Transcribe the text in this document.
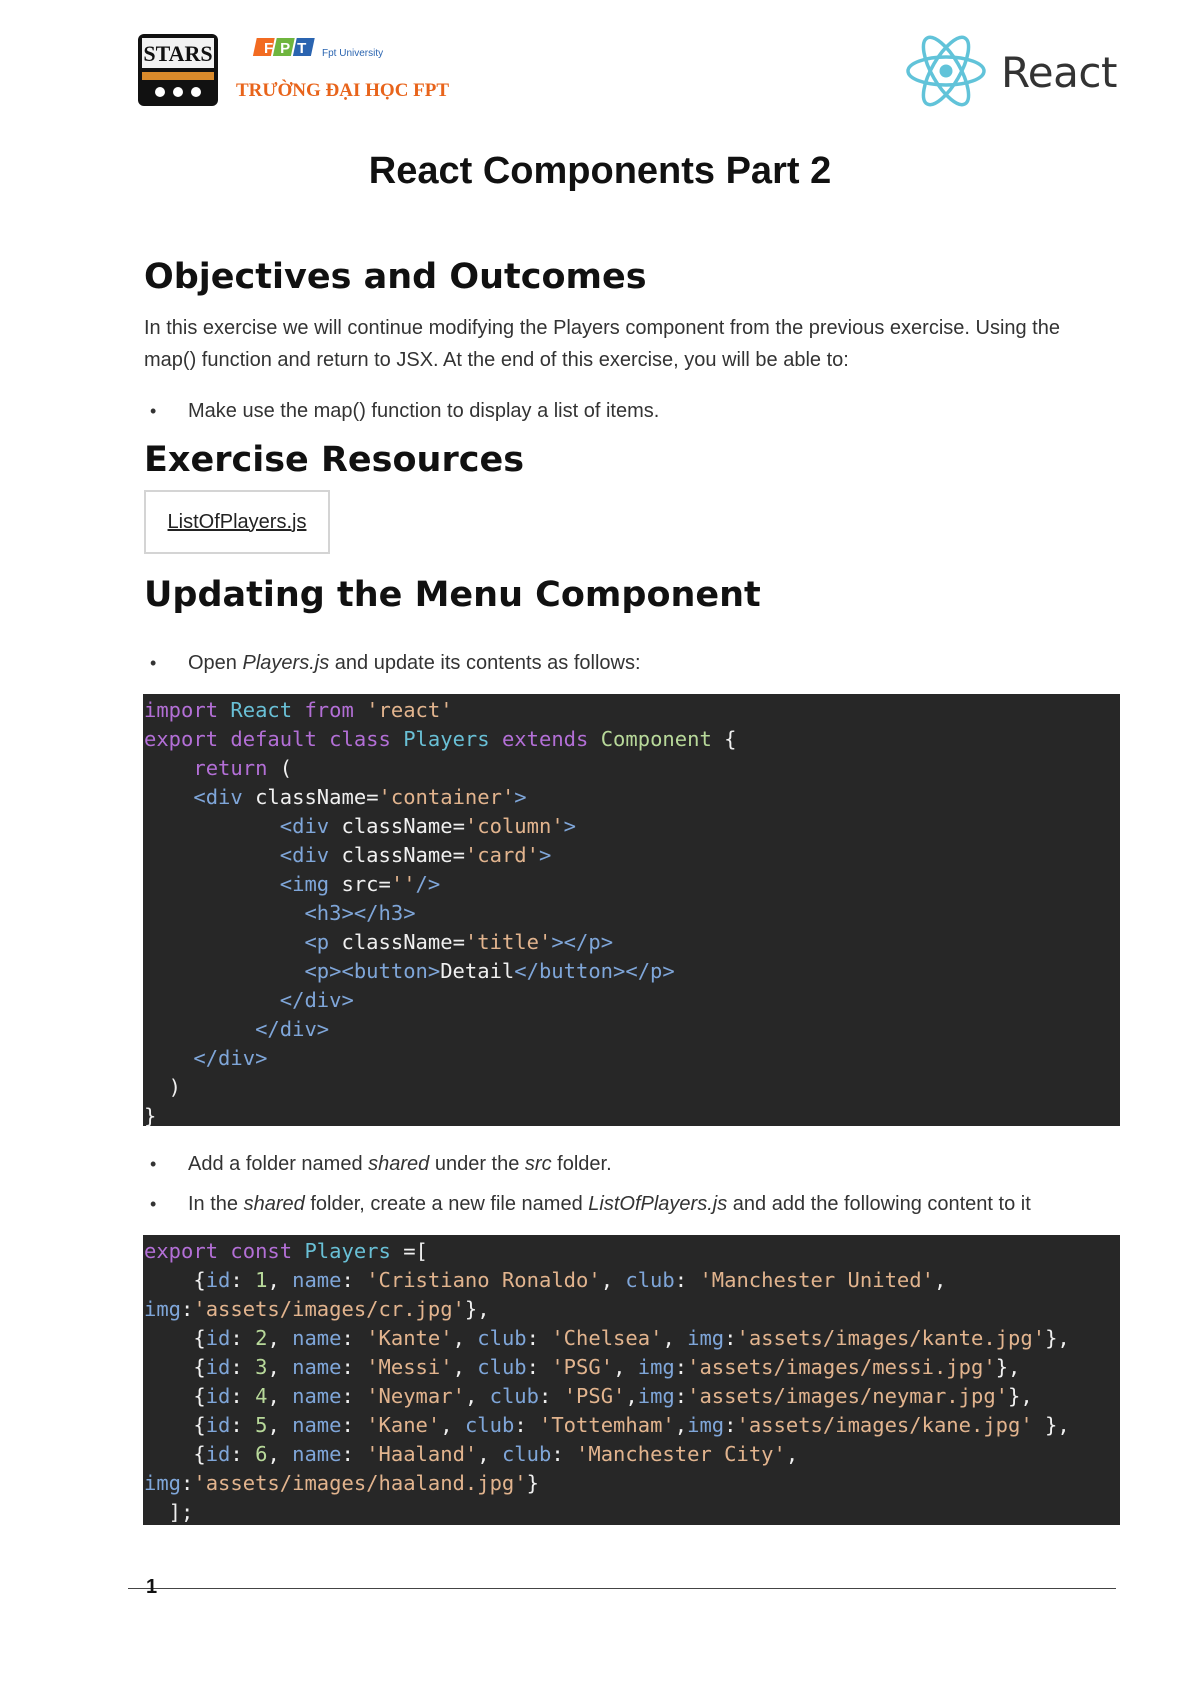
STARS	FPT Fpt University
TRƯỜNG ĐẠI HỌC FPT	React
React Components Part 2
Objectives and Outcomes
In this exercise we will continue modifying the Players component from the previous exercise. Using the
map() function and return to JSX. At the end of this exercise, you will be able to:
•	Make use the map() function to display a list of items.
Exercise Resources
ListOfPlayers.js
Updating the Menu Component
•	Open Players.js and update its contents as follows:
import React from 'react'
export default class Players extends Component {
return (
<div className='container'>
<div className='column'>
<div className='card'>
<img src=''/>
<h3></h3>
<p className='title'></p>
<p><button>Detail</button></p>
</div>
</div>
</div>
)
}
•	Add a folder named shared under the src folder.
•	In the shared folder, create a new file named ListOfPlayers.js and add the following content to it
export const Players =[
{id: 1, name: 'Cristiano Ronaldo', club: 'Manchester United',
img:'assets/images/cr.jpg'},
{id: 2, name: 'Kante', club: 'Chelsea', img:'assets/images/kante.jpg'},
{id: 3, name: 'Messi', club: 'PSG', img:'assets/images/messi.jpg'},
{id: 4, name: 'Neymar', club: 'PSG',img:'assets/images/neymar.jpg'},
{id: 5, name: 'Kane', club: 'Tottemham',img:'assets/images/kane.jpg' },
{id: 6, name: 'Haaland', club: 'Manchester City',
img:'assets/images/haaland.jpg'}
];
1
